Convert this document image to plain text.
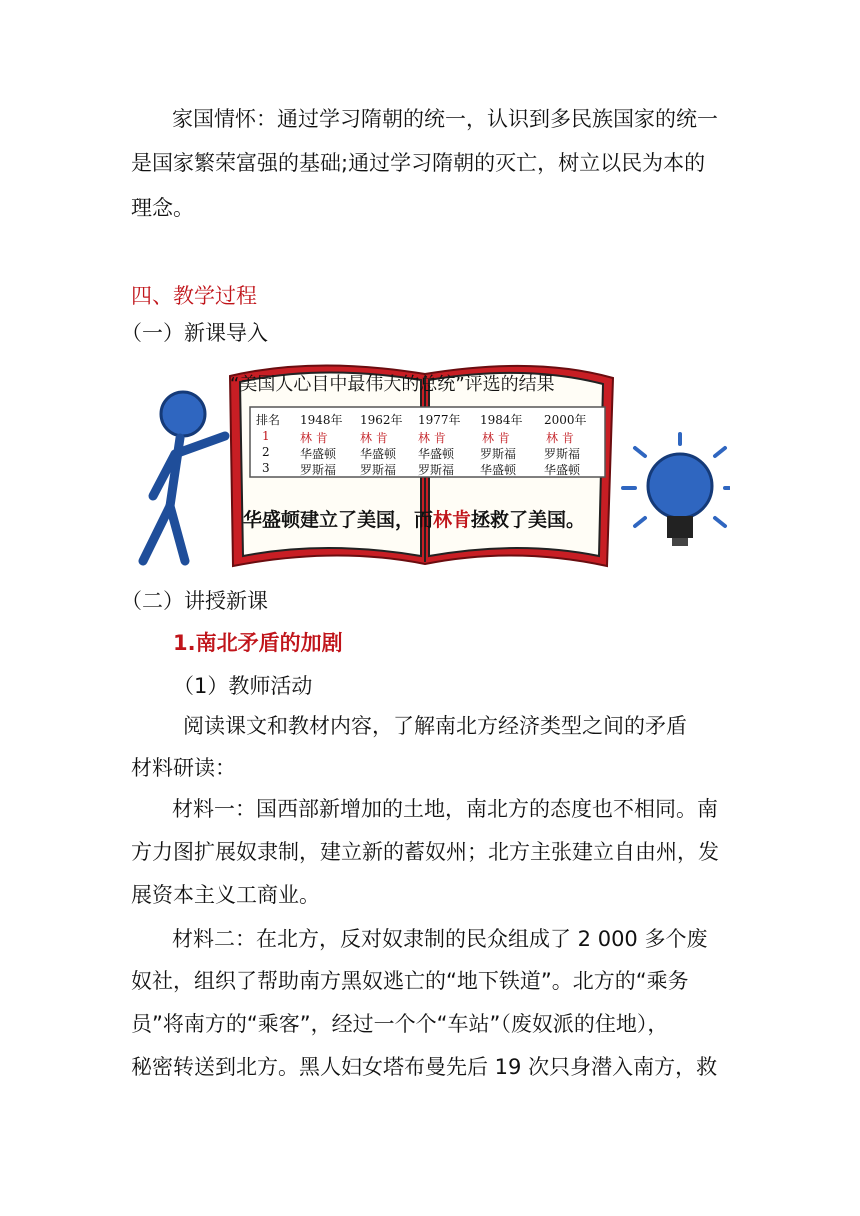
家国情怀：通过学习隋朝的统一，认识到多民族国家的统一
是国家繁荣富强的基础;通过学习隋朝的灭亡，树立以民为本的
理念。
四、教学过程
（一）新课导入
“美国人心目中最伟大的总统”评选的结果
排名 1948年 1962年 1977年 1984年 2000年
1	林 肯	林 肯	林 肯	林 肯	林 肯
2	华盛顿 华盛顿 华盛顿 罗斯福 罗斯福
3	罗斯福 罗斯福 罗斯福 华盛顿 华盛顿
华盛顿建立了美国，而林肯拯救了美国。
（二）讲授新课
1.南北矛盾的加剧
（1）教师活动
阅读课文和教材内容，了解南北方经济类型之间的矛盾
材料研读：
材料一：国西部新增加的土地，南北方的态度也不相同。南
方力图扩展奴隶制，建立新的蓄奴州；北方主张建立自由州，发
展资本主义工商业。
材料二：在北方，反对奴隶制的民众组成了 2 000 多个废
奴社，组织了帮助南方黑奴逃亡的“地下铁道”。北方的“乘务
员”将南方的“乘客”，经过一个个“车站”（废奴派的住地），
秘密转送到北方。黑人妇女塔布曼先后 19 次只身潜入南方，救
